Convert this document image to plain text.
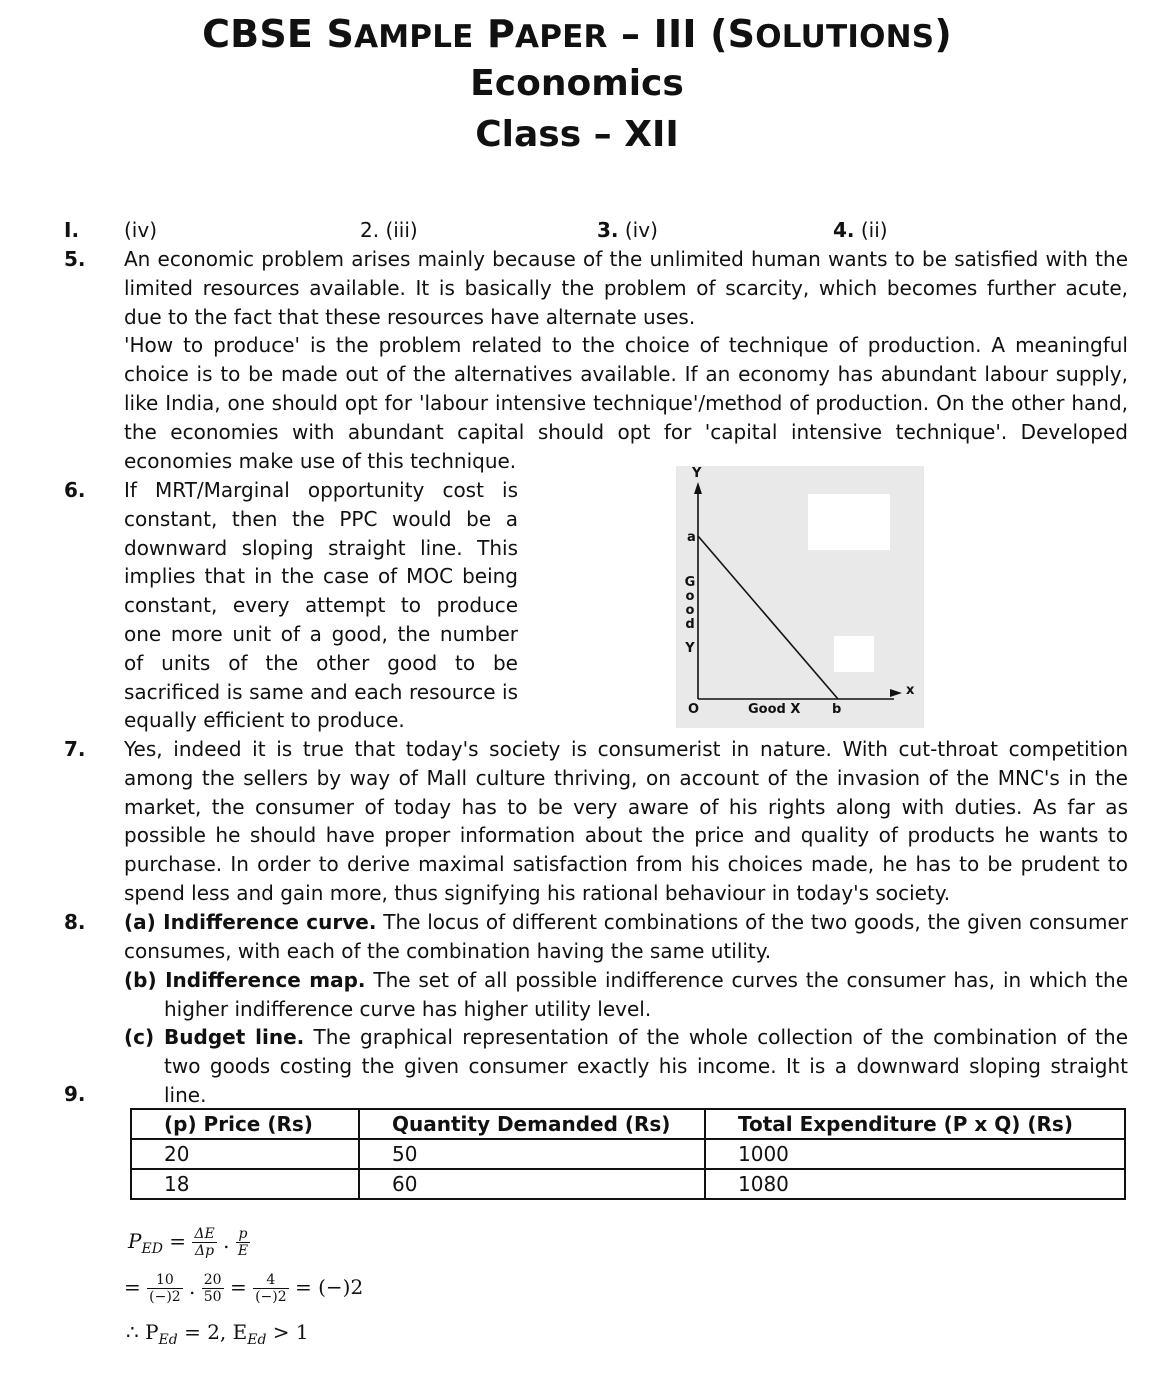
CBSE SAMPLE PAPER – III (SOLUTIONS)
Economics
Class – XII
I. (iv)	2. (iii)	3. (iv)	4. (ii)
5. An economic problem arises mainly because of the unlimited human wants to be satisfied with the limited resources available. It is basically the problem of scarcity, which becomes further acute, due to the fact that these resources have alternate uses.

'How to produce' is the problem related to the choice of technique of production. A meaningful choice is to be made out of the alternatives available. If an economy has abundant labour supply, like India, one should opt for 'labour intensive technique'/method of production. On the other hand, the economies with abundant capital should opt for 'capital intensive technique'. Developed economies make use of this technique.

6. If MRT/Marginal opportunity cost is constant, then the PPC would be a downward sloping straight line. This implies that in the case of MOC being constant, every attempt to produce one more unit of a good, the number of units of the other good to be sacrificed is same and each resource is equally efficient to produce.
Y
x
a
b
O	Good X
G
o
o
d
Y
7. Yes, indeed it is true that today's society is consumerist in nature. With cut-throat competition among the sellers by way of Mall culture thriving, on account of the invasion of the MNC's in the market, the consumer of today has to be very aware of his rights along with duties. As far as possible he should have proper information about the price and quality of products he wants to purchase. In order to derive maximal satisfaction from his choices made, he has to be prudent to spend less and gain more, thus signifying his rational behaviour in today's society.
8. (a) Indifference curve. The locus of different combinations of the two goods, the given consumer consumes, with each of the combination having the same utility.
(b) Indifference map. The set of all possible indifference curves the consumer has, in which the higher indifference curve has higher utility level.
(c) Budget line. The graphical representation of the whole collection of the combination of the two goods costing the given consumer exactly his income. It is a downward sloping straight line.
9.
(p) Price (Rs)	Quantity Demanded (Rs)	Total Expenditure (P x Q) (Rs)
20	50	1000
18	60	1080
$P_{ED} = \frac{\Delta E}{\Delta p}$ . $\frac{p}{E}$
= $\frac{10}{(-)2}$ . $\frac{20}{50} = \frac{4}{(-)2} = (-)2$
∴ $P_{Ed} = 2$, $E_{Ed} > 1$
